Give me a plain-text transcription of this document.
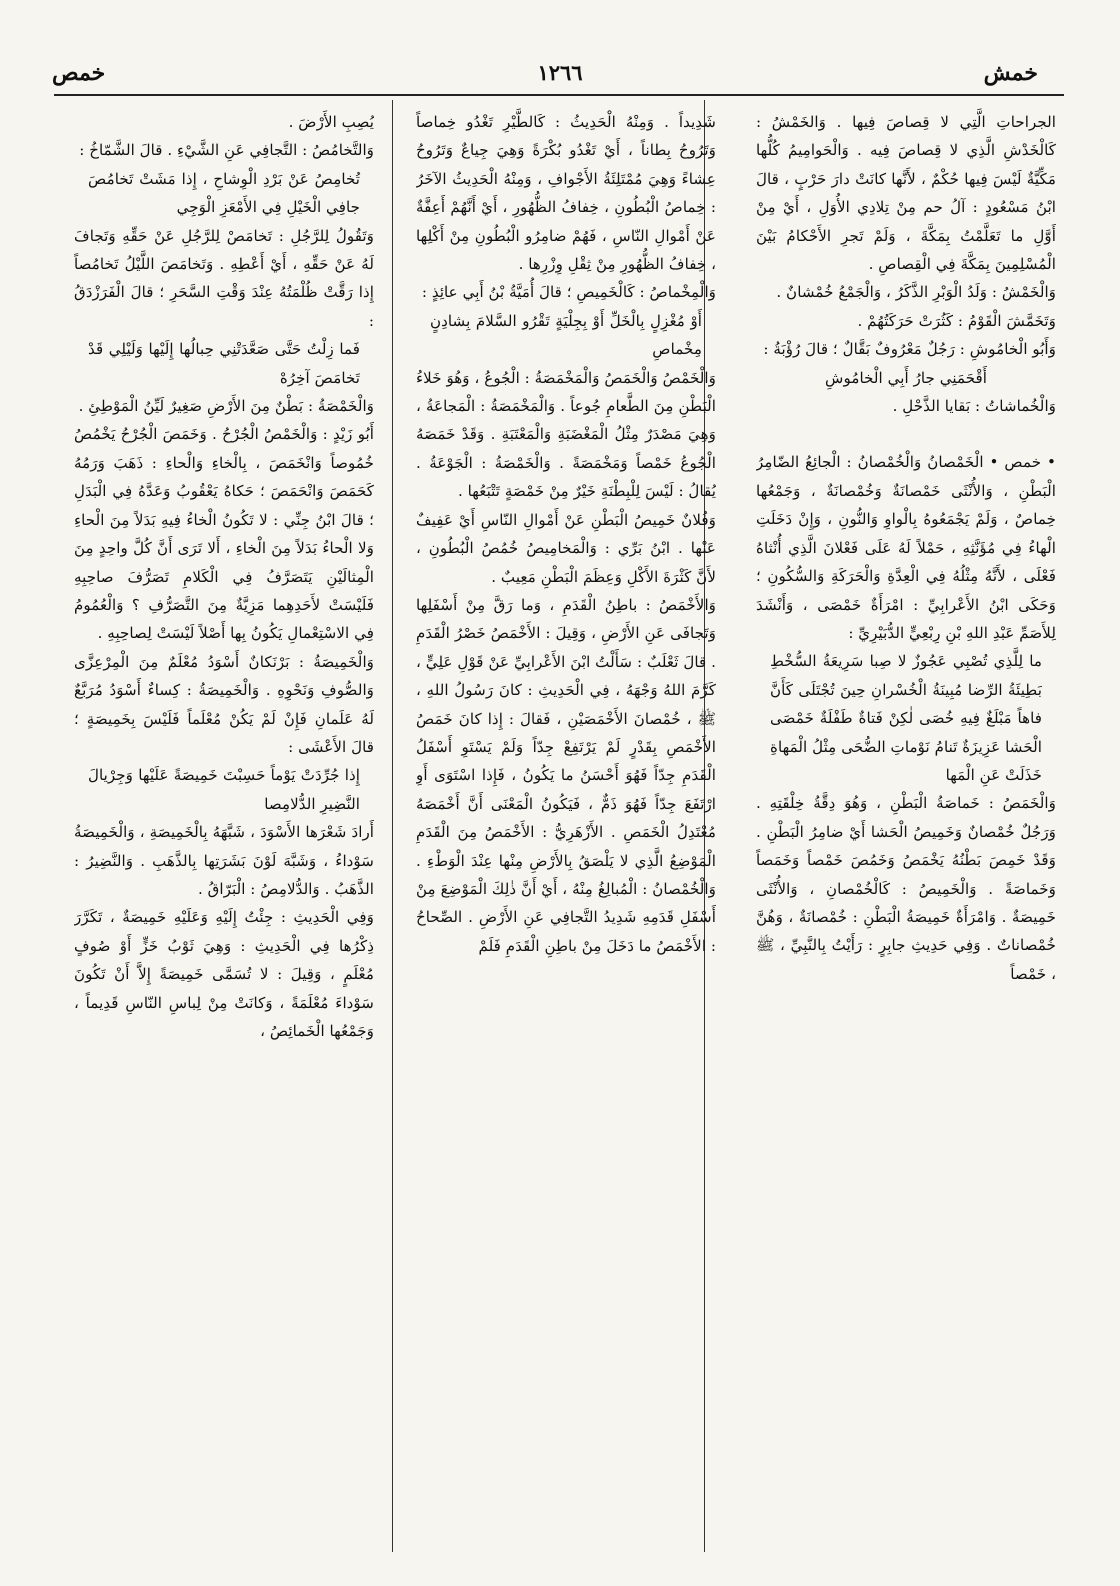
خمش
١٢٦٦
خمص

الجراحاتِ الَّتِي لا قِصاصَ فِيها . وَالخَمْشُ : كَالْخَدْشِ الَّذِي لا قِصاصَ فِيه . وَالْحَوامِيمُ كُلُّها مَكِّيَّةٌ لَيْسَ فِيها حُكْمٌ ، لأَنَّها كانَتْ دارَ حَرْبٍ ، قالَ ابْنُ مَسْعُودٍ : آلُ حم مِنْ تِلادِي الأُوَلِ ، أَيْ مِنْ أَوَّلِ ما تَعَلَّمْتُ بِمَكَّةَ ، وَلَمْ تَجرِ الأَحْكامُ بَيْنَ الْمُسْلِمِينَ بِمَكَّةَ فِي الْقِصاصِ .

وَالْخَمْشُ : وَلَدُ الْوَبْرِ الذَّكَرُ ، وَالْجَمْعُ خُمْشانٌ .

وَتَخَمَّشَ الْقَوْمُ : كَثُرَتْ حَرَكَتُهُمْ .

وَأَبُو الْخامُوشِ : رَجُلٌ مَعْرُوفٌ بَقَّالٌ ؛ قالَ رُؤْبَةُ :

أَقْحَمَنِي جارُ أَبِي الْخامُوشِ

وَالْخُماشاتُ : بَقايا الذَّحْلِ .

• خمص • الْخَمْصانُ وَالْخُمْصانُ : الْجائِعُ الضّامِرُ الْبَطْنِ ، وَالأُنْثَى خَمْصانَةٌ وَخُمْصانَةٌ ، وَجَمْعُها خِماصٌ ، وَلَمْ يَجْمَعُوهُ بِالْواوِ وَالنُّونِ ، وَإِنْ دَخَلَتِ الْهاءُ فِي مُؤَنَّثِهِ ، حَمْلاً لَهُ عَلَى فَعْلانَ الَّذِي أُنْثاهُ فَعْلَى ، لأَنَّهُ مِثْلُهُ فِي الْعِدَّةِ وَالْحَرَكَةِ وَالسُّكُونِ ؛ وَحَكَى ابْنُ الأَعْرابِيِّ : امْرَأَةٌ خَمْصَى ، وَأَنْشَدَ لِلأَصَمِّ عَبْدِ اللهِ بْنِ رِبْعِيٍّ الدُّبَيْرِيِّ :

ما لِلَّذِي تُصْبِي عَجُوزٌ لا صِبا سَرِيعَةُ السُّخْطِ بَطِيئَةُ الرِّضا مُبِينَةُ الْخُسْرانِ حِينَ تُجْتَلَى كَأَنَّ فاهاً مَبْلَغٌ فِيهِ خُصَى لٰكِنْ فَتاةٌ طَفْلَةٌ خَمْصَى الْحَشا عَزِيزَةٌ تَنامُ نَوْماتِ الضُّحَى مِثْلُ الْمَهاةِ خَذَلَتْ عَنِ الْمَها

وَالْخَمَصُ : خَماصَةُ الْبَطْنِ ، وَهُوَ دِقَّةُ خِلْقَتِهِ . وَرَجُلٌ خُمْصانٌ وَخَمِيصُ الْحَشا أَيْ ضامِرُ الْبَطْنِ . وَقَدْ خَمِصَ بَطْنُهُ يَخْمَصُ وَخَمُصَ خَمْصاً وَخَمَصاً وَخَماصَةً . وَالْخَمِيصُ : كَالْخُمْصانِ ، وَالأُنْثَى خَمِيصَةٌ . وَامْرَأَةٌ خَمِيصَةُ الْبَطْنِ : خُمْصانَةٌ ، وَهُنَّ خُمْصاناتٌ . وَفِي حَدِيثِ جابِرٍ : رَأَيْتُ بِالنَّبِيِّ ، ﷺ ، خَمْصاً

شَدِيداً . وَمِنْهُ الْحَدِيثُ : كَالطَّيْرِ تَغْدُو خِماصاً وَتَرُوحُ بِطاناً ، أَيْ تَغْدُو بُكْرَةً وَهِيَ جِياعٌ وَتَرُوحُ عِشاءً وَهِيَ مُمْتَلِئَةُ الأَجْوافِ ، وَمِنْهُ الْحَدِيثُ الآخَرُ : خِماصُ الْبُطُونِ ، خِفافُ الظُّهُورِ ، أَيْ أَنَّهُمْ أَعِفَّةٌ عَنْ أَمْوالِ النّاسِ ، فَهُمْ ضامِرُو الْبُطُونِ مِنْ أَكْلِها ، خِفافُ الظُّهُورِ مِنْ ثِقْلِ وِزْرِها .

وَالْمِخْماصُ : كَالْخَمِيصِ ؛ قالَ أُمَيَّةُ بْنُ أَبِي عائِذٍ :

أَوْ مُغْزِلٍ بِالْخَلِّ أَوْ بِجِلْيَةٍ تَقْرُو السَّلامَ بِشادِنٍ مِخْماصِ

وَالْخَمْصُ وَالْخَمَصُ وَالْمَخْمَصَةُ : الْجُوعُ ، وَهُوَ خَلاءُ الْبَطْنِ مِنَ الطَّعامِ جُوعاً . وَالْمَخْمَصَةُ : الْمَجاعَةُ ، وَهِيَ مَصْدَرٌ مِثْلُ الْمَغْضَبَةِ وَالْمَعْتَبَةِ . وَقَدْ خَمَصَهُ الْجُوعُ خَمْصاً وَمَخْمَصَةً . وَالْخَمْصَةُ : الْجَوْعَةُ . يُقالُ : لَيْسَ لِلْبِطْنَةِ خَيْرٌ مِنْ خَمْصَةٍ تَتْبَعُها .

وَفُلانٌ خَمِيصُ الْبَطْنِ عَنْ أَمْوالِ النّاسِ أَيْ عَفِيفٌ عَنْها . ابْنُ بَرِّي : وَالْمَخامِيصُ خُمُصُ الْبُطُونِ ، لأَنَّ كَثْرَةَ الأَكْلِ وَعِظَمَ الْبَطْنِ مَعِيبٌ .

وَالأَخْمَصُ : باطِنُ الْقَدَمِ ، وَما رَقَّ مِنْ أَسْفَلِها وَتَجافَى عَنِ الأَرْضِ ، وَقِيلَ : الأَخْمَصُ خَصْرُ الْقَدَمِ . قالَ ثَعْلَبٌ : سَأَلْتُ ابْنَ الأَعْرابِيِّ عَنْ قَوْلِ عَلِيٍّ ، كَرَّمَ اللهُ وَجْهَهُ ، فِي الْحَدِيثِ : كانَ رَسُولُ اللهِ ، ﷺ ، خُمْصانَ الأَخْمَصَيْنِ ، فَقالَ : إِذا كانَ خَمَصُ الأَخْمَصِ بِقَدْرٍ لَمْ يَرْتَفِعْ جِدّاً وَلَمْ يَسْتَوِ أَسْفَلُ الْقَدَمِ جِدّاً فَهُوَ أَحْسَنُ ما يَكُونُ ، فَإِذا اسْتَوَى أَوِ ارْتَفَعَ جِدّاً فَهُوَ ذَمٌّ ، فَيَكُونُ الْمَعْنَى أَنَّ أَخْمَصَهُ مُعْتَدِلُ الْخَمَصِ . الأَزْهَرِيُّ : الأَخْمَصُ مِنَ الْقَدَمِ الْمَوْضِعُ الَّذِي لا يَلْصَقُ بِالأَرْضِ مِنْها عِنْدَ الْوَطْءِ . وَالْخُمْصانُ : الْمُبالِغُ مِنْهُ ، أَيْ أَنَّ ذٰلِكَ الْمَوْضِعَ مِنْ أَسْفَلِ قَدَمِهِ شَدِيدُ التَّجافِي عَنِ الأَرْضِ . الصِّحاحُ : الأَخْمَصُ ما دَخَلَ مِنْ باطِنِ الْقَدَمِ فَلَمْ

يُصِبِ الأَرْضَ .

وَالتَّخامُصُ : التَّجافِي عَنِ الشَّيْءِ . قالَ الشَّمّاخُ :

تُخامِصُ عَنْ بَرْدِ الْوِشاحِ ، إِذا مَشَتْ تَخامُصَ جافِي الْخَيْلِ فِي الأَمْعَزِ الْوَجِي

وَتَقُولُ لِلرَّجُلِ : تَخامَصْ لِلرَّجُلِ عَنْ حَقِّهِ وَتَجافَ لَهُ عَنْ حَقِّهِ ، أَيْ أَعْطِهِ . وَتَخامَصَ اللَّيْلُ تَخامُصاً إِذا رَقَّتْ ظُلْمَتُهُ عِنْدَ وَقْتِ السَّحَرِ ؛ قالَ الْفَرَزْدَقُ :

فَما زِلْتُ حَتَّى صَعَّدَتْنِي حِبالُها إِلَيْها وَلَيْلِي قَدْ تَخامَصَ آخِرُهْ

وَالْخَمْصَةُ : بَطْنٌ مِنَ الأَرْضِ صَغِيرٌ لَيِّنُ الْمَوْطِئِ .

أَبُو زَيْدٍ : وَالْخَمْصُ الْجُرْحُ . وَخَمَصَ الْجُرْحُ يَخْمُصُ خُمُوصاً وَانْخَمَصَ ، بِالْخاءِ وَالْحاءِ : ذَهَبَ وَرَمُهُ كَحَمَصَ وَانْحَمَصَ ؛ حَكاهُ يَعْقُوبُ وَعَدَّهُ فِي الْبَدَلِ ؛ قالَ ابْنُ جِنِّي : لا تَكُونُ الْخاءُ فِيهِ بَدَلاً مِنَ الْحاءِ وَلا الْحاءُ بَدَلاً مِنَ الْخاءِ ، أَلا تَرَى أَنَّ كُلَّ واحِدٍ مِنَ الْمِثالَيْنِ يَتَصَرَّفُ فِي الْكَلامِ تَصَرُّفَ صاحِبِهِ فَلَيْسَتْ لأَحَدِهِما مَزِيَّةٌ مِنَ التَّصَرُّفِ ؟ وَالْعُمُومُ فِي الاسْتِعْمالِ يَكُونُ بِها أَصْلاً لَيْسَتْ لِصاحِبِهِ .

وَالْخَمِيصَةُ : بَرْنَكانٌ أَسْوَدُ مُعْلَمٌ مِنَ الْمِرْعِزَّى وَالصُّوفِ وَنَحْوِهِ . وَالْخَمِيصَةُ : كِساءٌ أَسْوَدُ مُرَبَّعٌ لَهُ عَلَمانِ فَإِنْ لَمْ يَكُنْ مُعْلَماً فَلَيْسَ بِخَمِيصَةٍ ؛ قالَ الأَعْشَى :

إِذا جُرِّدَتْ يَوْماً حَسِبْتَ خَمِيصَةً عَلَيْها وَجِرْيالَ النَّضِيرِ الدُّلامِصا

أَرادَ شَعْرَها الأَسْوَدَ ، شَبَّهَهُ بِالْخَمِيصَةِ ، وَالْخَمِيصَةُ سَوْداءُ ، وَشَبَّهَ لَوْنَ بَشَرَتِها بِالذَّهَبِ . وَالنَّضِيرُ : الذَّهَبُ . وَالدُّلامِصُ : الْبَرّاقُ .

وَفِي الْحَدِيثِ : جِئْتُ إِلَيْهِ وَعَلَيْهِ خَمِيصَةٌ ، تَكَرَّرَ ذِكْرُها فِي الْحَدِيثِ : وَهِيَ ثَوْبُ خَزٍّ أَوْ صُوفٍ مُعْلَمٍ ، وَقِيلَ : لا تُسَمَّى خَمِيصَةً إِلاَّ أَنْ تَكُونَ سَوْداءَ مُعْلَمَةً ، وَكانَتْ مِنْ لِباسِ النّاسِ قَدِيماً ، وَجَمْعُها الْخَمائِصُ ،
